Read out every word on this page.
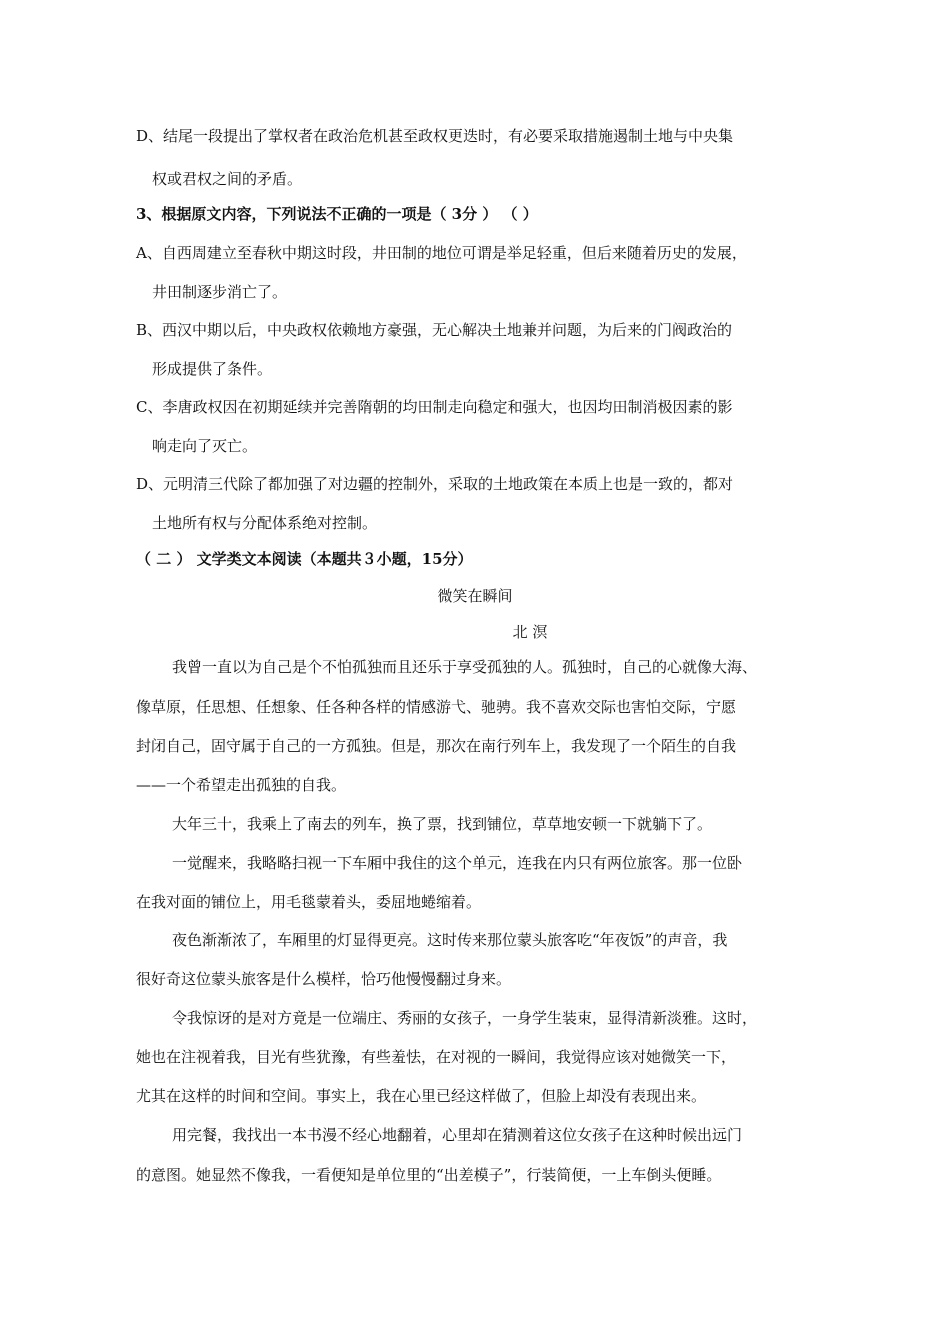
D、结尾一段提出了掌权者在政治危机甚至政权更迭时，有必要采取措施遏制土地与中央集
权或君权之间的矛盾。
3、根据原文内容，下列说法不正确的一项是（ 3分 ） （ ）
A、自西周建立至春秋中期这时段，井田制的地位可谓是举足轻重，但后来随着历史的发展，
井田制逐步消亡了。
B、西汉中期以后，中央政权依赖地方豪强，无心解决土地兼并问题，为后来的门阀政治的
形成提供了条件。
C、李唐政权因在初期延续并完善隋朝的均田制走向稳定和强大，也因均田制消极因素的影
响走向了灭亡。
D、元明清三代除了都加强了对边疆的控制外，采取的土地政策在本质上也是一致的，都对
土地所有权与分配体系绝对控制。
（ 二 ） 文学类文本阅读（本题共３小题，15分）
微笑在瞬间
北 溟
我曾一直以为自己是个不怕孤独而且还乐于享受孤独的人。孤独时，自己的心就像大海、
像草原，任思想、任想象、任各种各样的情感游弋、驰骋。我不喜欢交际也害怕交际，宁愿
封闭自己，固守属于自己的一方孤独。但是，那次在南行列车上，我发现了一个陌生的自我
——一个希望走出孤独的自我。
大年三十，我乘上了南去的列车，换了票，找到铺位，草草地安顿一下就躺下了。
一觉醒来，我略略扫视一下车厢中我住的这个单元，连我在内只有两位旅客。那一位卧
在我对面的铺位上，用毛毯蒙着头，委屈地蜷缩着。
夜色渐渐浓了，车厢里的灯显得更亮。这时传来那位蒙头旅客吃“年夜饭”的声音，我
很好奇这位蒙头旅客是什么模样，恰巧他慢慢翻过身来。
令我惊讶的是对方竟是一位端庄、秀丽的女孩子，一身学生装束，显得清新淡雅。这时，
她也在注视着我，目光有些犹豫，有些羞怯，在对视的一瞬间，我觉得应该对她微笑一下，
尤其在这样的时间和空间。事实上，我在心里已经这样做了，但脸上却没有表现出来。
用完餐，我找出一本书漫不经心地翻着，心里却在猜测着这位女孩子在这种时候出远门
的意图。她显然不像我，一看便知是单位里的“出差模子”，行装简便，一上车倒头便睡。
